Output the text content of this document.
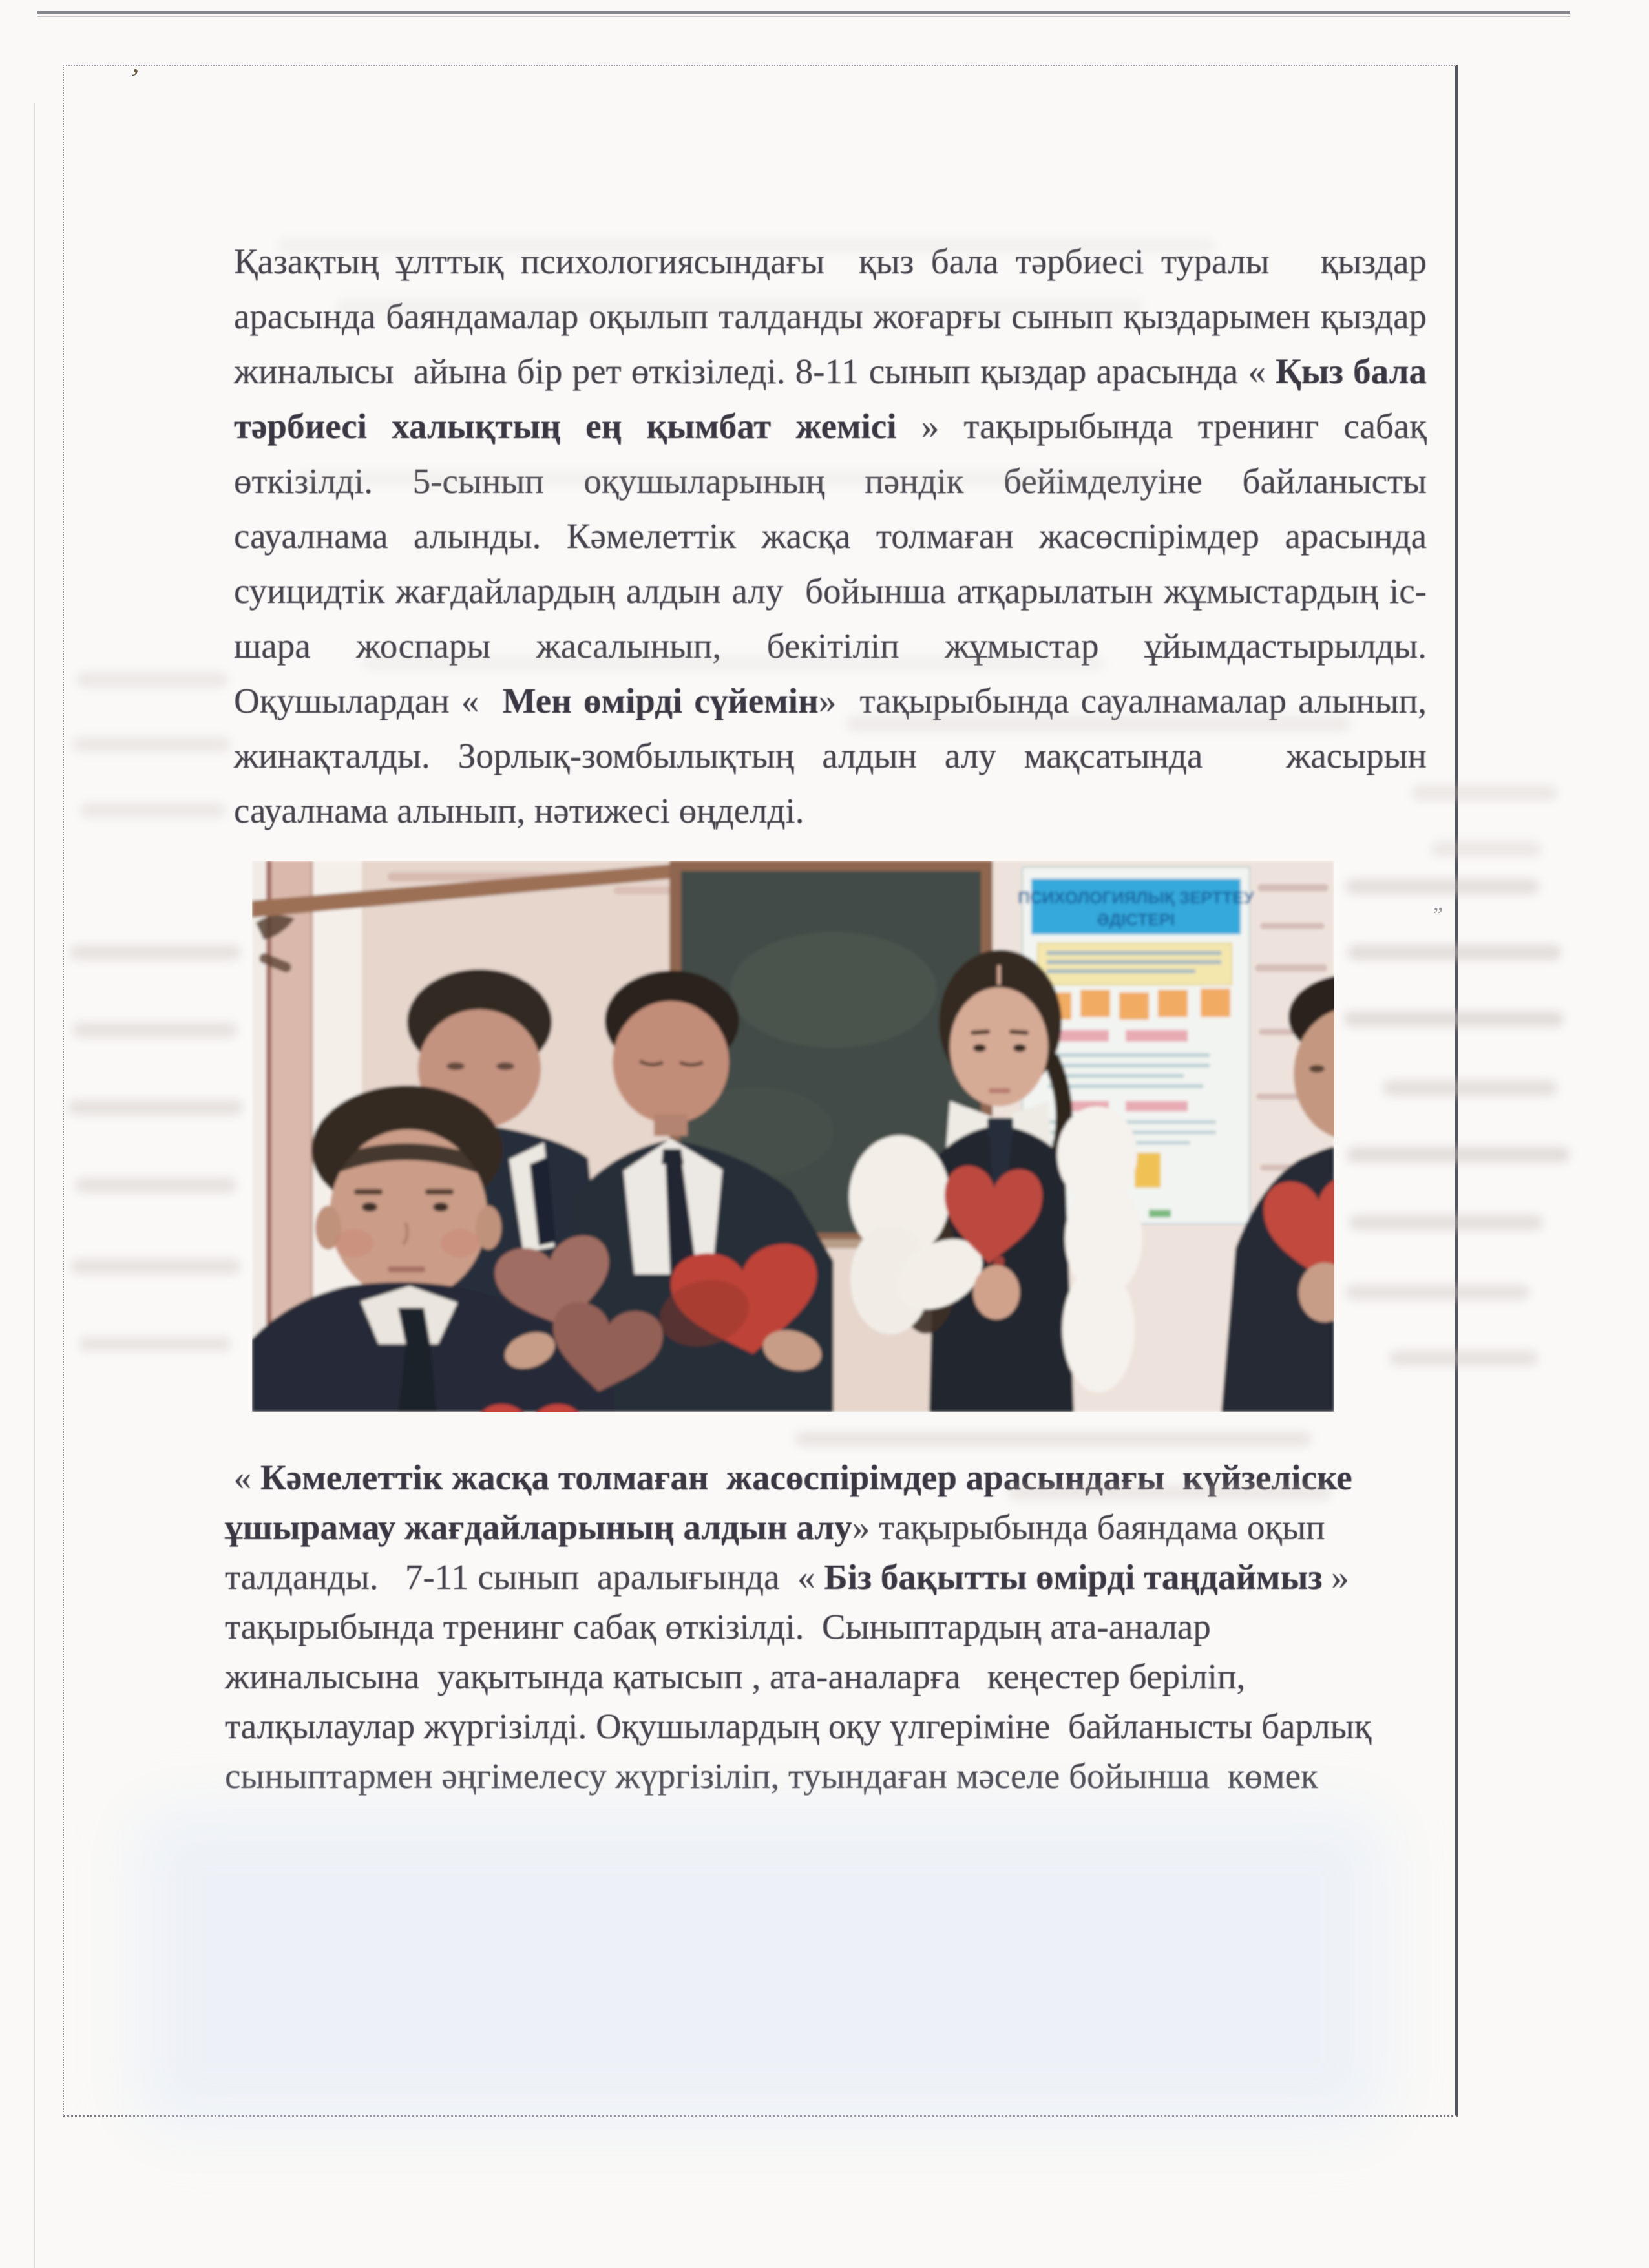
ʼ
”
Қазақтың ұлттық психологиясындағы  қыз бала тәрбиесі туралы   қыздар
арасында баяндамалар оқылып талданды жоғарғы сынып қыздарымен қыздар
жиналысы  айына бір рет өткізіледі. 8-11 сынып қыздар арасында « Қыз бала
тәрбиесі халықтың ең қымбат жемісі » тақырыбында тренинг сабақ
өткізілді. 5-сынып оқушыларының пәндік бейімделуіне байланысты
сауалнама алынды. Кәмелеттік жасқа толмаған жасөспірімдер арасында
суицидтік жағдайлардың алдын алу  бойынша атқарылатын жұмыстардың іс-
шара жоспары жасалынып, бекітіліп жұмыстар ұйымдастырылды.
Оқушылардан «  Мен өмірді сүйемін»  тақырыбында сауалнамалар алынып,
жинақталды. Зорлық-зомбылықтың алдын алу мақсатында   жасырын
сауалнама алынып, нәтижесі өңделді.
ПСИХОЛОГИЯЛЫҚ ЗЕРТТЕУ
ӘДІСТЕРІ
« Кәмелеттік жасқа толмаған  жасөспірімдер арасындағы  күйзеліске
ұшырамау жағдайларының алдын алу» тақырыбында баяндама оқып
талданды.   7-11 сынып  аралығында  « Біз бақытты өмірді таңдаймыз »
тақырыбында тренинг сабақ өткізілді.  Сыныптардың ата-аналар
жиналысына  уақытында қатысып , ата-аналарға   кеңестер беріліп,
талқылаулар жүргізілді. Оқушылардың оқу үлгеріміне  байланысты барлық
сыныптармен әңгімелесу жүргізіліп, туындаған мәселе бойынша  көмек
